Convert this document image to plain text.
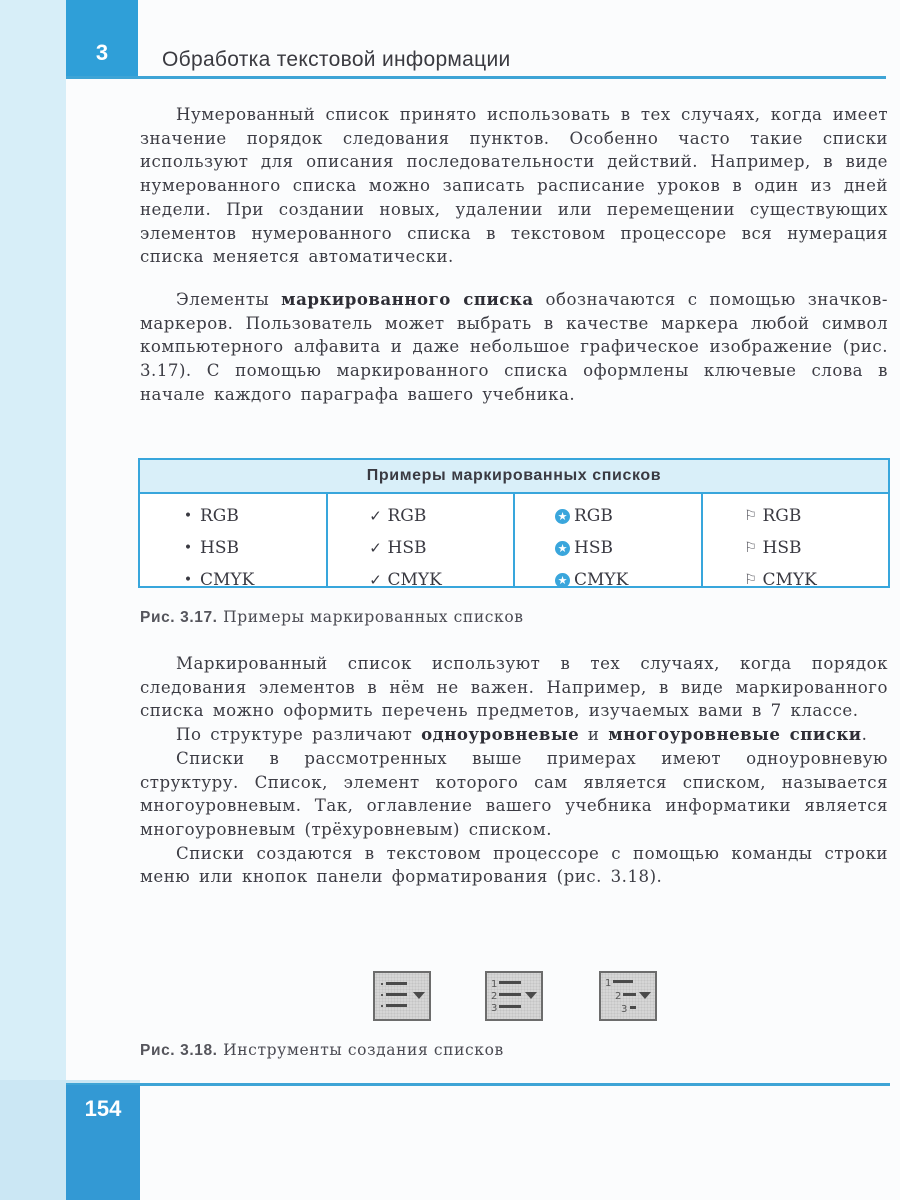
3	Обработка текстовой информации

Нумерованный список принято использовать в тех случаях, когда имеет значение порядок следования пунктов. Особенно часто такие списки используют для описания последовательности действий. Например, в виде нумерованного списка можно записать расписание уроков в один из дней недели. При создании новых, удалении или перемещении существующих элементов нумерованного списка в текстовом процессоре вся нумерация списка меняется автоматически.

Элементы маркированного списка обозначаются с помощью значков-маркеров. Пользователь может выбрать в качестве маркера любой символ компьютерного алфавита и даже небольшое графическое изображение (рис. 3.17). С помощью маркированного списка оформлены ключевые слова в начале каждого параграфа вашего учебника.

Примеры маркированных списков
• RGB
• HSB
• CMYK
✓ RGB
✓ HSB
✓ CMYK
★ RGB
★ HSB
★ CMYK
⚐ RGB
⚐ HSB
⚐ CMYK
Рис. 3.17. Примеры маркированных списков

Маркированный список используют в тех случаях, когда порядок следования элементов в нём не важен. Например, в виде маркированного списка можно оформить перечень предметов, изучаемых вами в 7 классе.

По структуре различают одноуровневые и многоуровневые списки.

Списки в рассмотренных выше примерах имеют одноуровневую структуру. Список, элемент которого сам является списком, называется многоуровневым. Так, оглавление вашего учебника информатики является многоуровневым (трёхуровневым) списком.

Списки создаются в текстовом процессоре с помощью команды строки меню или кнопок панели форматирования (рис. 3.18).

1
2
3
1
2
3
Рис. 3.18. Инструменты создания списков
154
